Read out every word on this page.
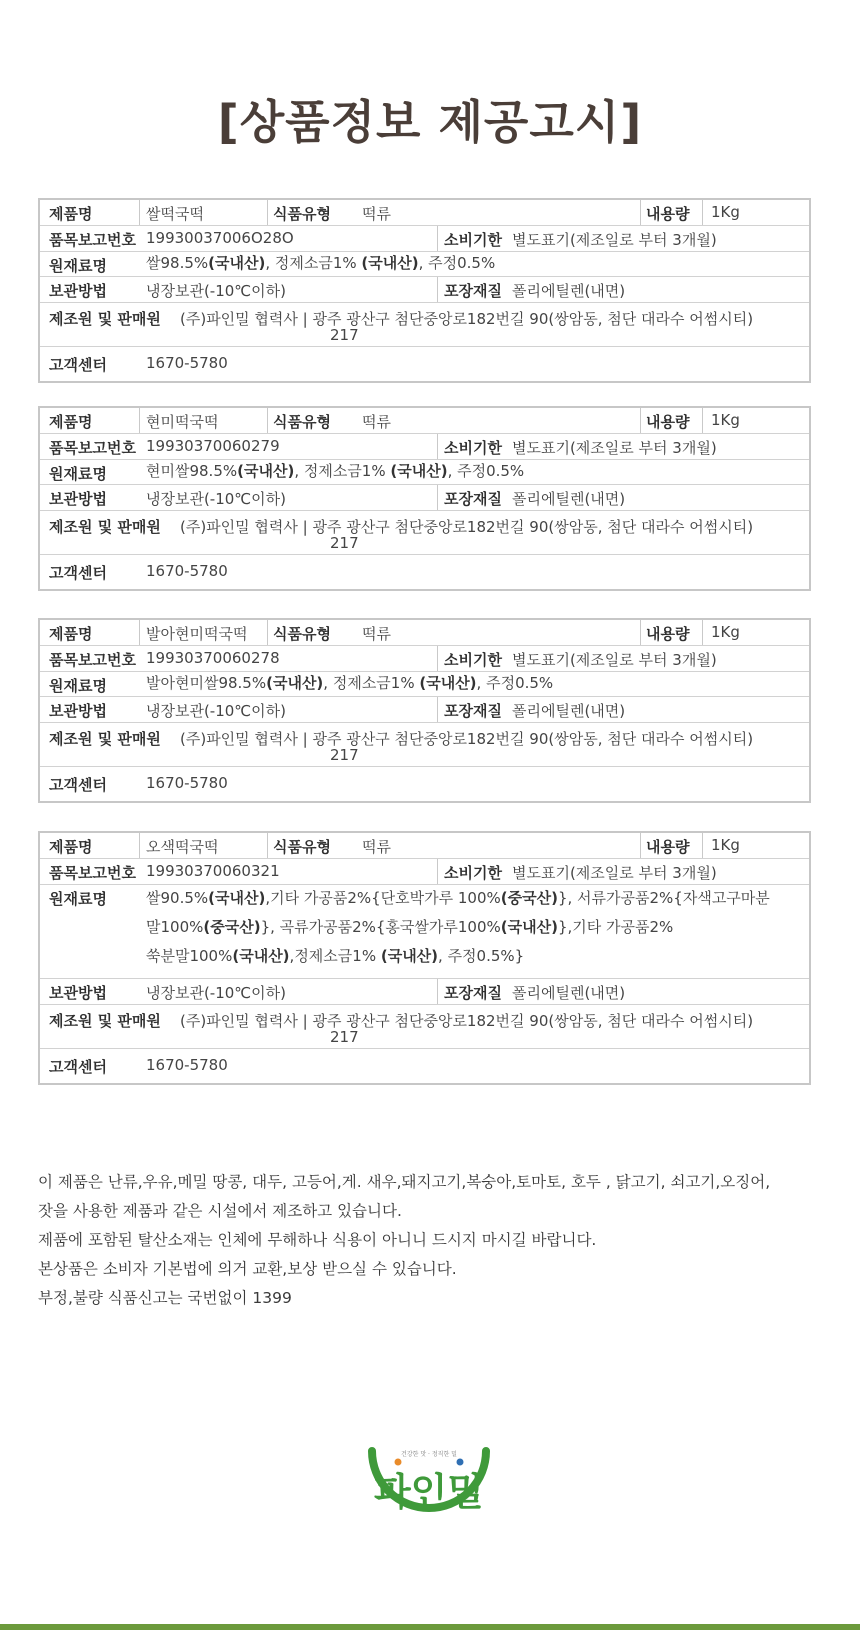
[상품정보 제공고시]
제품명	쌀떡국떡	식품유형 떡류	내용량 1Kg
품목보고번호 19930037006O28O	소비기한 별도표기(제조일로 부터 3개월)
원재료명	쌀98.5%(국내산), 정제소금1% (국내산), 주정0.5%
보관방법	냉장보관(-10℃이하)	포장재질 폴리에틸렌(내면)
제조원 및 판매원 (주)파인밀 협력사 | 광주 광산구 첨단중앙로182번길 90(쌍암동, 첨단 대라수 어썸시티)
217
고객센터	1670-5780
제품명	현미떡국떡	식품유형 떡류	내용량 1Kg
품목보고번호 19930370060279	소비기한 별도표기(제조일로 부터 3개월)
원재료명	현미쌀98.5%(국내산), 정제소금1% (국내산), 주정0.5%
보관방법	냉장보관(-10℃이하)	포장재질 폴리에틸렌(내면)
제조원 및 판매원 (주)파인밀 협력사 | 광주 광산구 첨단중앙로182번길 90(쌍암동, 첨단 대라수 어썸시티)
217
고객센터	1670-5780
제품명	발아현미떡국떡 식품유형 떡류	내용량 1Kg
품목보고번호 19930370060278	소비기한 별도표기(제조일로 부터 3개월)
원재료명	발아현미쌀98.5%(국내산), 정제소금1% (국내산), 주정0.5%
보관방법	냉장보관(-10℃이하)	포장재질 폴리에틸렌(내면)
제조원 및 판매원 (주)파인밀 협력사 | 광주 광산구 첨단중앙로182번길 90(쌍암동, 첨단 대라수 어썸시티)
217
고객센터	1670-5780
제품명	오색떡국떡	식품유형 떡류	내용량 1Kg
품목보고번호 19930370060321	소비기한 별도표기(제조일로 부터 3개월)
원재료명	쌀90.5%(국내산),기타 가공품2%{단호박가루 100%(중국산)}, 서류가공품2%{자색고구마분
말100%(중국산)}, 곡류가공품2%{홍국쌀가루100%(국내산)},기타 가공품2%
쑥분말100%(국내산),정제소금1% (국내산), 주정0.5%}
보관방법	냉장보관(-10℃이하)	포장재질 폴리에틸렌(내면)
제조원 및 판매원 (주)파인밀 협력사 | 광주 광산구 첨단중앙로182번길 90(쌍암동, 첨단 대라수 어썸시티)
217
고객센터	1670-5780

이 제품은 난류,우유,메밀 땅콩, 대두, 고등어,게. 새우,돼지고기,복숭아,토마토, 호두 , 닭고기, 쇠고기,오징어,

잣을 사용한 제품과 같은 시설에서 제조하고 있습니다.

제품에 포함된 탈산소재는 인체에 무해하나 식용이 아니니 드시지 마시길 바랍니다.

본상품은 소비자 기본법에 의거 교환,보상 받으실 수 있습니다.

부정,불량 식품신고는 국번없이 1399

건강한 맛 · 정직한 밀
파인밀
